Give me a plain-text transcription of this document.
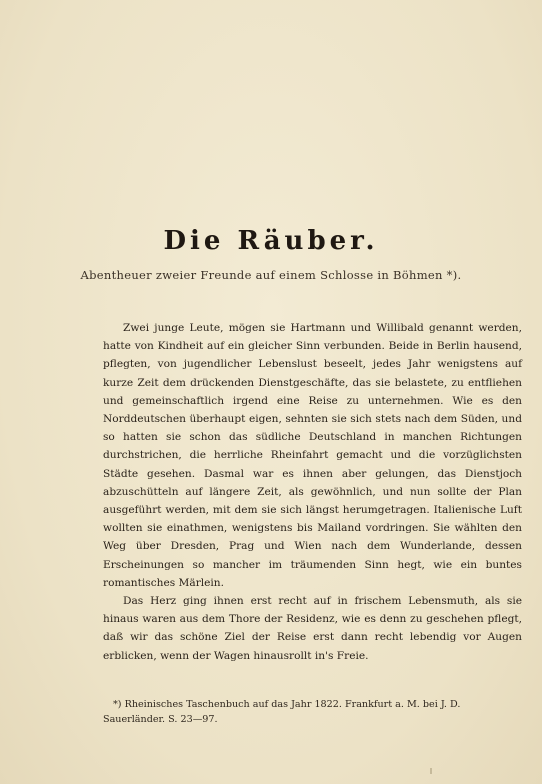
Die Räuber.
Abentheuer zweier Freunde auf einem Schlosse in Böhmen *).

Zwei junge Leute, mögen sie Hartmann und Willibald genannt werden, hatte von Kindheit auf ein gleicher Sinn verbunden. Beide in Berlin hausend, pflegten, von jugendlicher Lebenslust beseelt, jedes Jahr wenigstens auf kurze Zeit dem drückenden Dienstgeschäfte, das sie belastete, zu entfliehen und gemeinschaftlich irgend eine Reise zu unternehmen. Wie es den Norddeutschen überhaupt eigen, sehnten sie sich stets nach dem Süden, und so hatten sie schon das südliche Deutschland in manchen Richtungen durchstrichen, die herrliche Rheinfahrt gemacht und die vorzüglichsten Städte gesehen. Dasmal war es ihnen aber gelungen, das Dienstjoch abzuschütteln auf längere Zeit, als gewöhnlich, und nun sollte der Plan ausgeführt werden, mit dem sie sich längst herumgetragen. Italienische Luft wollten sie einathmen, wenigstens bis Mailand vordringen. Sie wählten den Weg über Dresden, Prag und Wien nach dem Wunderlande, dessen Erscheinungen so mancher im träumenden Sinn hegt, wie ein buntes romantisches Märlein.

Das Herz ging ihnen erst recht auf in frischem Lebensmuth, als sie hinaus waren aus dem Thore der Residenz, wie es denn zu geschehen pflegt, daß wir das schöne Ziel der Reise erst dann recht lebendig vor Augen erblicken, wenn der Wagen hinausrollt in's Freie.

*) Rheinisches Taschenbuch auf das Jahr 1822. Frankfurt a. M. bei J. D. Sauerländer. S. 23—97.
